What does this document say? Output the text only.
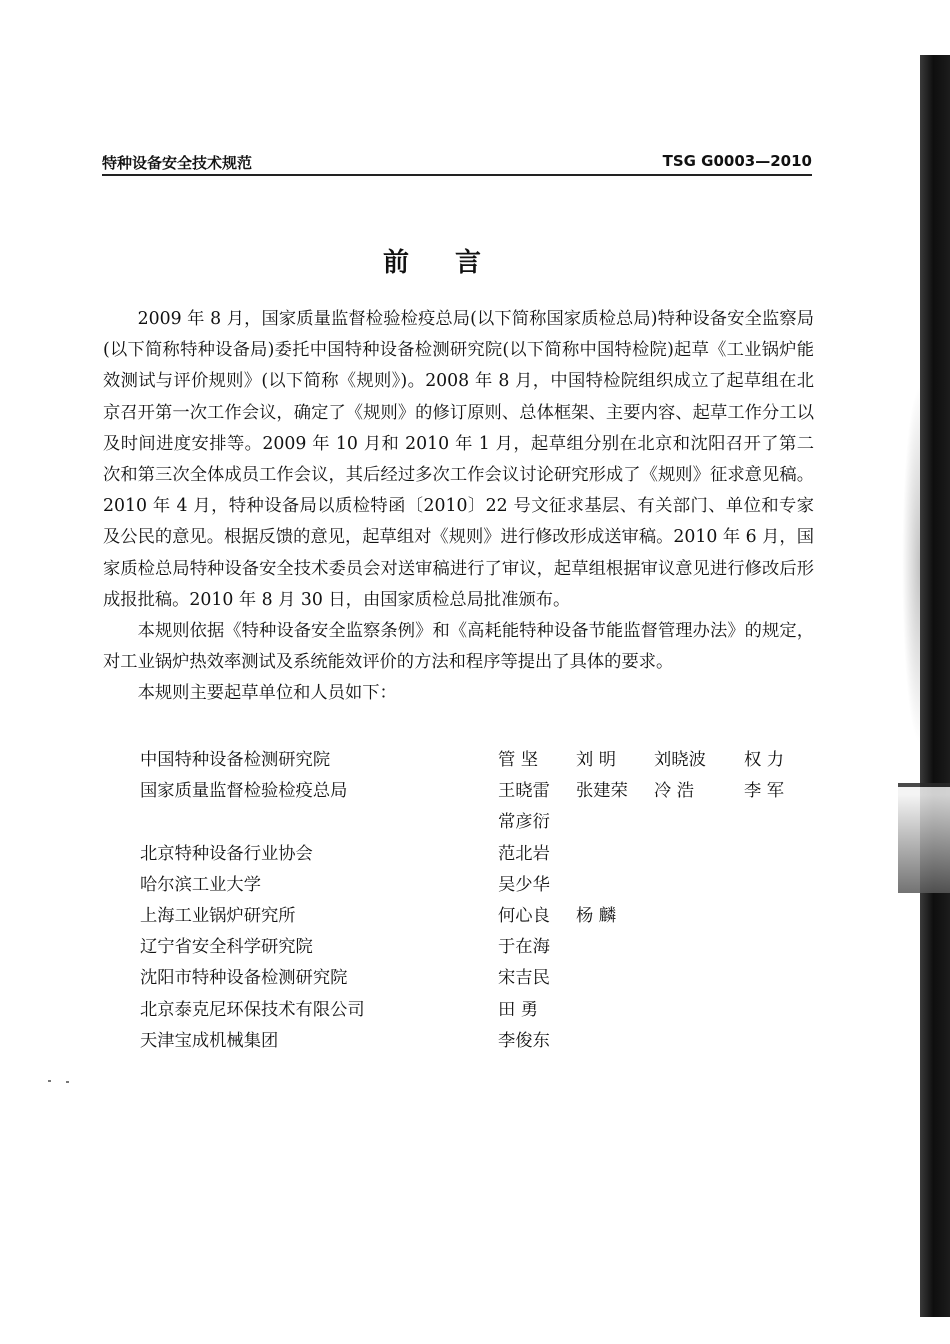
特种设备安全技术规范	TSG G0003—2010
前言

2009 年 8 月，国家质量监督检验检疫总局(以下简称国家质检总局)特种设备安全监察局(以下简称特种设备局)委托中国特种设备检测研究院(以下简称中国特检院)起草《工业锅炉能效测试与评价规则》(以下简称《规则》)。2008 年 8 月，中国特检院组织成立了起草组在北京召开第一次工作会议，确定了《规则》的修订原则、总体框架、主要内容、起草工作分工以及时间进度安排等。2009 年 10 月和 2010 年 1 月，起草组分别在北京和沈阳召开了第二次和第三次全体成员工作会议，其后经过多次工作会议讨论研究形成了《规则》征求意见稿。2010 年 4 月，特种设备局以质检特函〔2010〕22 号文征求基层、有关部门、单位和专家及公民的意见。根据反馈的意见，起草组对《规则》进行修改形成送审稿。2010 年 6 月，国家质检总局特种设备安全技术委员会对送审稿进行了审议，起草组根据审议意见进行修改后形成报批稿。2010 年 8 月 30 日，由国家质检总局批准颁布。

本规则依据《特种设备安全监察条例》和《高耗能特种设备节能监督管理办法》的规定，对工业锅炉热效率测试及系统能效评价的方法和程序等提出了具体的要求。

本规则主要起草单位和人员如下：

中国特种设备检测研究院	管 坚 刘 明 刘晓波 权 力
国家质量监督检验检疫总局	王晓雷 张建荣 冷 浩	李 军
常彦衍
北京特种设备行业协会	范北岩
哈尔滨工业大学	吴少华
上海工业锅炉研究所	何心良 杨 麟
辽宁省安全科学研究院	于在海
沈阳市特种设备检测研究院	宋吉民
北京泰克尼环保技术有限公司	田 勇
天津宝成机械集团	李俊东
